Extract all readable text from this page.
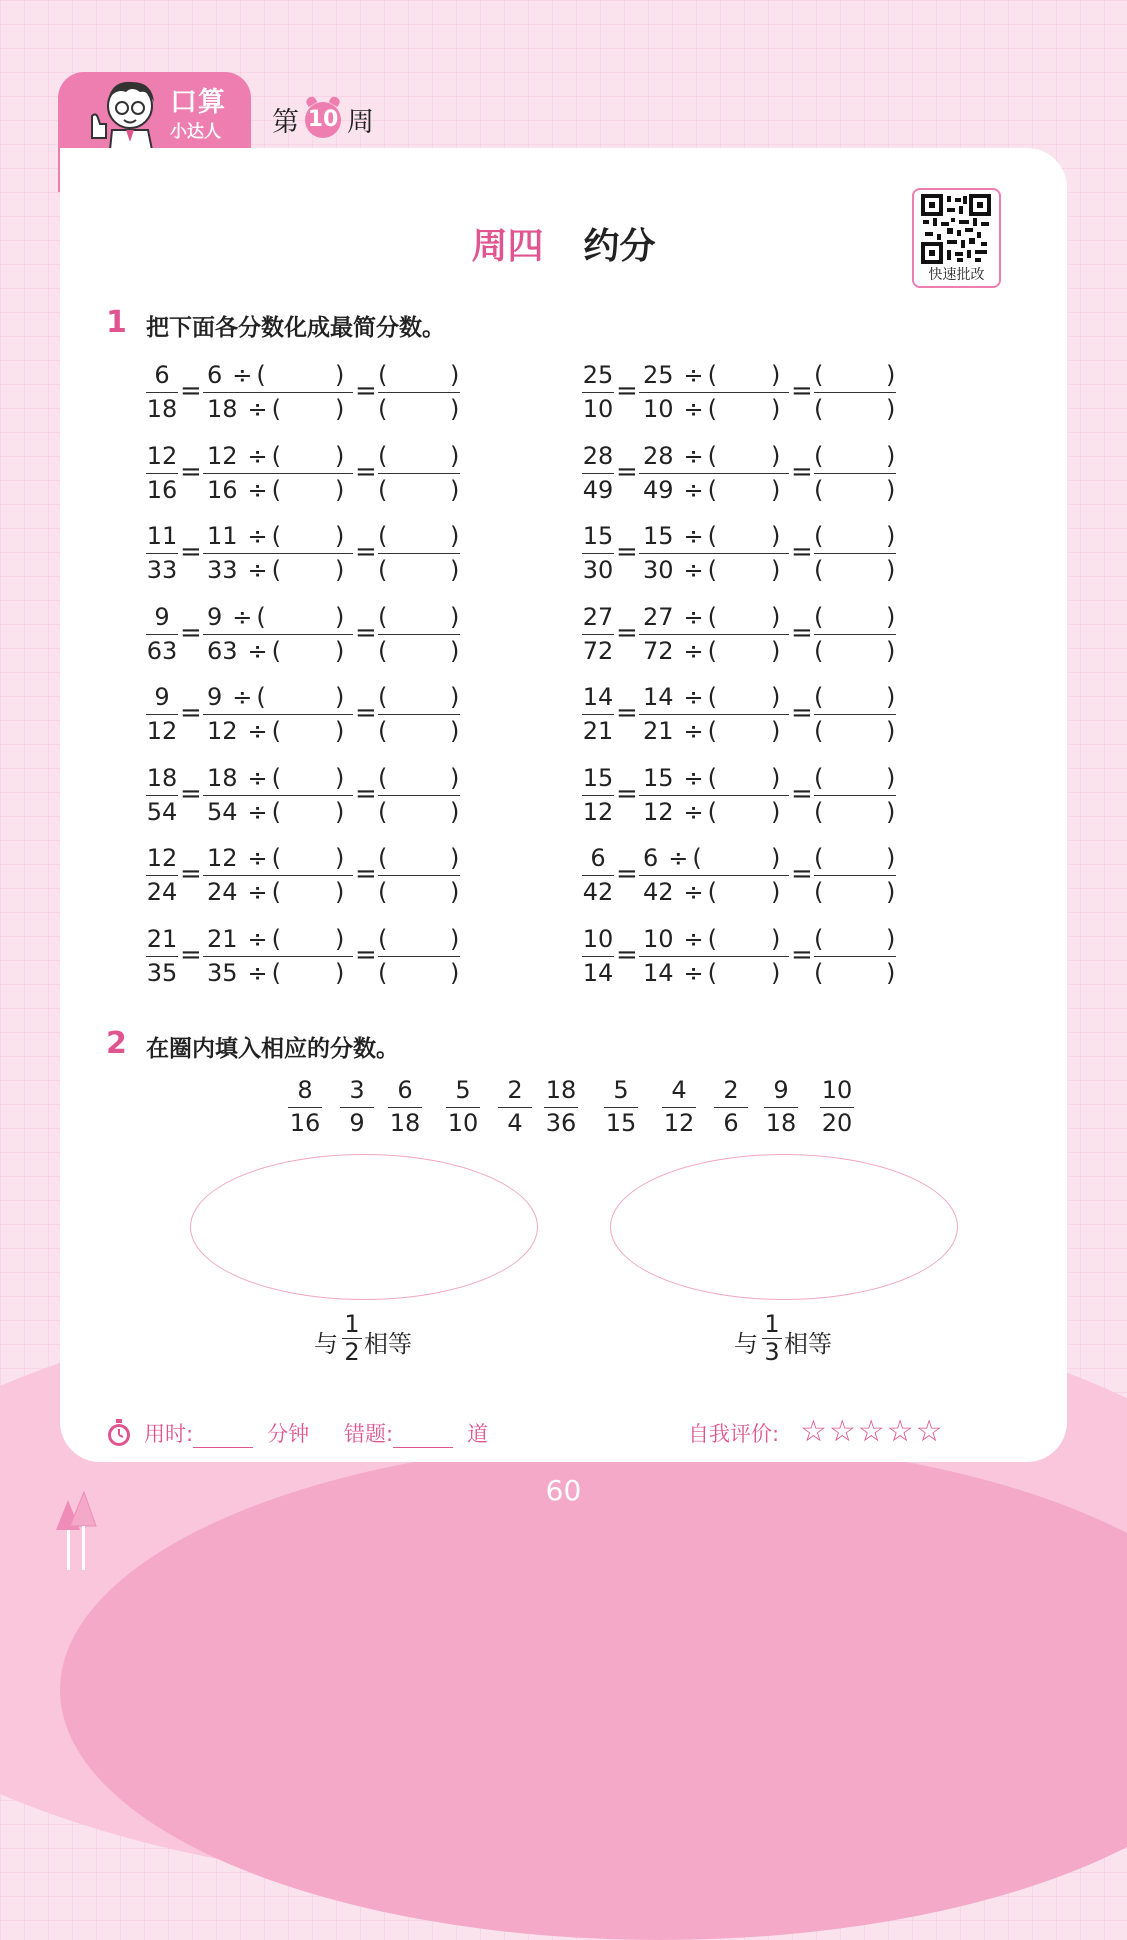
口算
小达人 第 10 周
周四 约分
快速批改
1 把下面各分数化成最简分数。
6
18
=
6 ÷ (
18 ÷ (
)
)
=
(	)
(	)
12
16
=
12 ÷ (
16 ÷ (
)
)
=
(	)
(	)
11
33
=
11 ÷ (
33 ÷ (
)
)
=
(	)
(	)
9
63
=
9 ÷ (
63 ÷ (
)
)
=
(	)
(	)
9
12
=
9 ÷ (
12 ÷ (
)
)
=
(	)
(	)
18
54
=
18 ÷ (
54 ÷ (
)
)
=
(	)
(	)
12
24
=
12 ÷ (
24 ÷ (
)
)
=
(	)
(	)
21
35
=
21 ÷ (
35 ÷ (
)
)
=
(	)
(	)
25
10
=
25 ÷ (
10 ÷ (
)
)
=
(	)
(	)
28
49
=
28 ÷ (
49 ÷ (
)
)
=
(	)
(	)
15
30
=
15 ÷ (
30 ÷ (
)
)
=
(	)
(	)
27
72
=
27 ÷ (
72 ÷ (
)
)
=
(	)
(	)
14
21
=
14 ÷ (
21 ÷ (
)
)
=
(	)
(	)
15
12
=
15 ÷ (
12 ÷ (
)
)
=
(	)
(	)
6
42
=
6 ÷ (
42 ÷ (
)
)
=
(	)
(	)
10
14
=
10 ÷ (
14 ÷ (
)
)
=
(	)
(	)
2 在圈内填入相应的分数。
8
16
3
9
6
18
5
10
2
4
18
36
5
15
4
12
2
6
9
18
10
20
与
1
2 相等	与
1
3 相等
用时:	分钟 错题:	道	自我评价: ☆☆☆☆☆
60
